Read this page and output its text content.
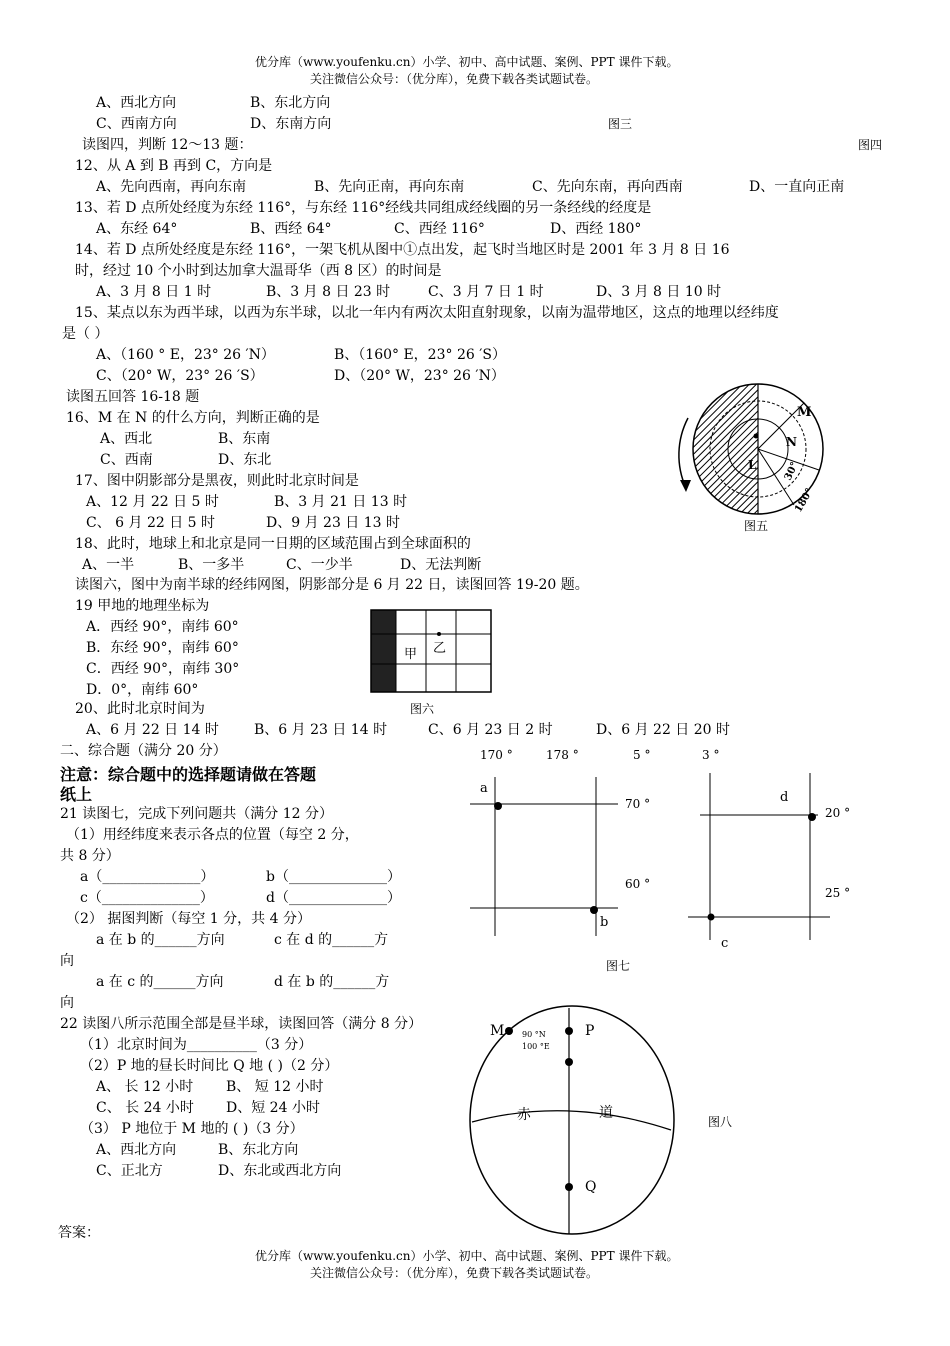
优分库（www.youfenku.cn）小学、初中、高中试题、案例、PPT 课件下载。
关注微信公众号：（优分库），免费下载各类试题试卷。
A、西北方向	B、东北方向
C、西南方向	D、东南方向	图三
读图四，判断 12～13 题：	图四
12、从 A 到 B 再到 C，方向是
A、先向西南，再向东南	B、先向正南，再向东南	C、先向东南，再向西南	D、一直向正南
13、若 D 点所处经度为东经 116°，与东经 116°经线共同组成经线圈的另一条经线的经度是
A、东经 64°	B、西经 64°	C、西经 116°	D、西经 180°
14、若 D 点所处经度是东经 116°，一架飞机从图中①点出发，起飞时当地区时是 2001 年 3 月 8 日 16
时，经过 10 个小时到达加拿大温哥华（西 8 区）的时间是
A、3 月 8 日 1 时	B、3 月 8 日 23 时	C、3 月 7 日 1 时	D、3 月 8 日 10 时
15、某点以东为西半球，以西为东半球，以北一年内有两次太阳直射现象，以南为温带地区，这点的地理以经纬度
是（ ）
A、（160 ° E，23° 26 ′N）	B、（160° E，23° 26 ′S）
C、（20° W，23° 26 ′S）	D、（20° W，23° 26 ′N）
读图五回答 16-18 题
16、M 在 N 的什么方向，判断正确的是
A、西北	B、东南
C、西南	D、东北
17、图中阴影部分是黑夜，则此时北京时间是
A、12 月 22 日 5 时	B、3 月 21 日 13 时
C、 6 月 22 日 5 时	D、9 月 23 日 13 时
18、此时，地球上和北京是同一日期的区域范围占到全球面积的
A、一半	B、一多半	C、一少半	D、无法判断
M
N
L	30°
180°
图五
读图六，图中为南半球的经纬网图，阴影部分是 6 月 22 日，读图回答 19-20 题。
19 甲地的地理坐标为
A．西经 90°，南纬 60°
B．东经 90°，南纬 60°
C．西经 90°，南纬 30°
D．0°，南纬 60°
甲 乙
图六
20、此时北京时间为
A、6 月 22 日 14 时	B、6 月 23 日 14 时	C、6 月 23 日 2 时	D、6 月 22 日 20 时
二、综合题（满分 20 分）
注意：综合题中的选择题请做在答题
纸上
21 读图七，完成下列问题共（满分 12 分）
（1）用经纬度来表示各点的位置（每空 2 分，
共 8 分）
a（______________）	b（______________）
c（______________）	d（______________）
（2） 据图判断（每空 1 分，共 4 分）
a 在 b 的______方向	c 在 d 的______方
向
a 在 c 的______方向	d 在 b 的______方
向
170 °	178 °	5 °	3 °
a
b
70 °
60 °
d
c
20 °
25 °
图七
22 读图八所示范围全部是昼半球，读图回答（满分 8 分）
（1）北京时间为__________（3 分）
（2）P 地的昼长时间比 Q 地 ( )（2 分）
A、 长 12 小时 B、 短 12 小时
C、 长 24 小时 D、短 24 小时
（3） P 地位于 M 地的 ( )（3 分）
A、西北方向	B、东北方向
C、正北方	D、东北或西北方向
M	P
Q
90 °N
100 °E
赤	道
图八
答案：
优分库（www.youfenku.cn）小学、初中、高中试题、案例、PPT 课件下载。
关注微信公众号：（优分库），免费下载各类试题试卷。
